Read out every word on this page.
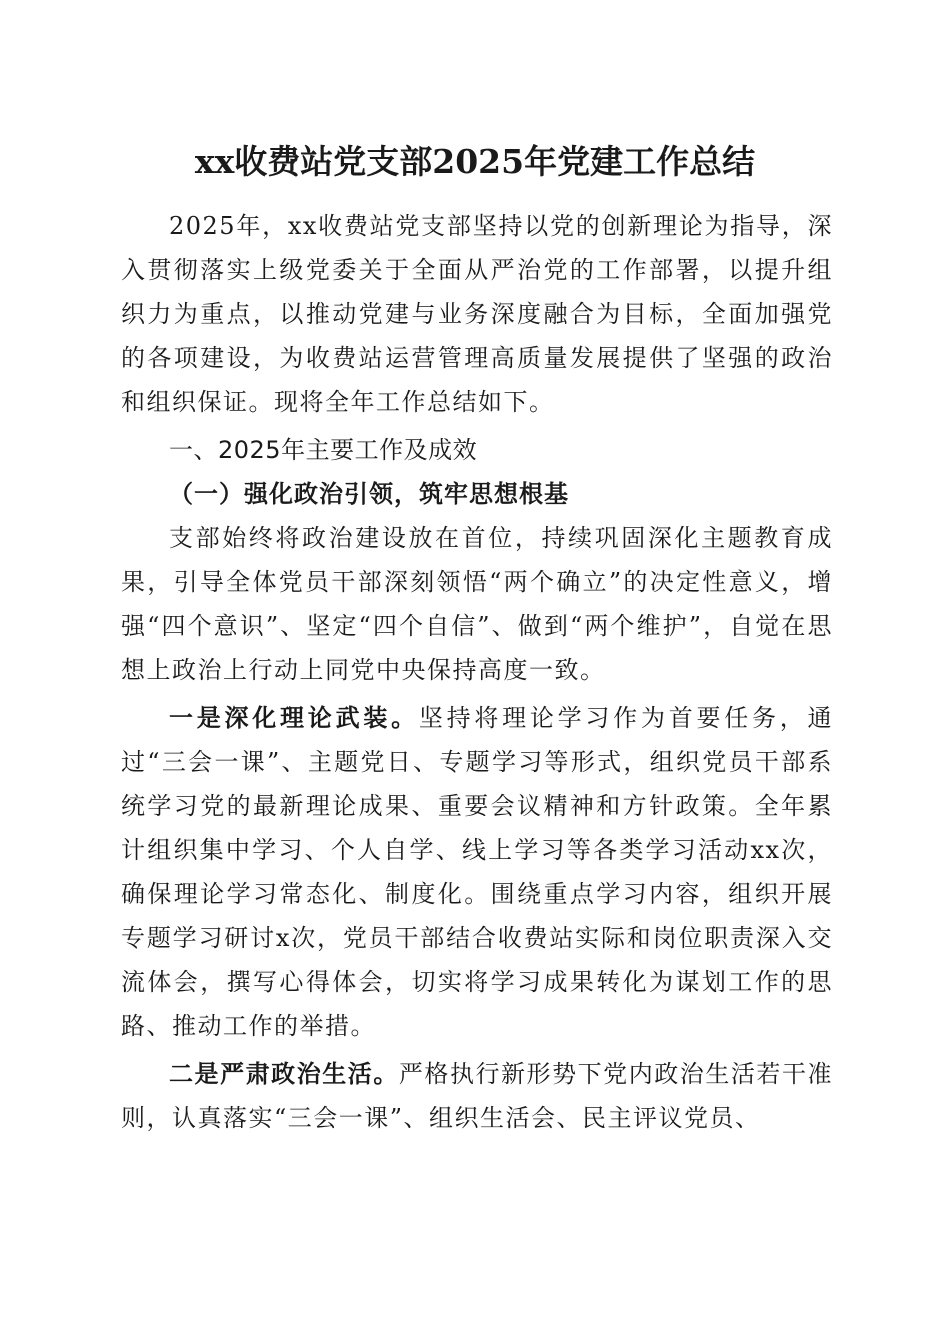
xx收费站党支部2025年党建工作总结

2025年，xx收费站党支部坚持以党的创新理论为指导，深入贯彻落实上级党委关于全面从严治党的工作部署，以提升组织力为重点，以推动党建与业务深度融合为目标，全面加强党的各项建设，为收费站运营管理高质量发展提供了坚强的政治和组织保证。现将全年工作总结如下。

一、2025年主要工作及成效

（一）强化政治引领，筑牢思想根基

支部始终将政治建设放在首位，持续巩固深化主题教育成果，引导全体党员干部深刻领悟“两个确立”的决定性意义，增强“四个意识”、坚定“四个自信”、做到“两个维护”，自觉在思想上政治上行动上同党中央保持高度一致。

一是深化理论武装。坚持将理论学习作为首要任务，通过“三会一课”、主题党日、专题学习等形式，组织党员干部系统学习党的最新理论成果、重要会议精神和方针政策。全年累计组织集中学习、个人自学、线上学习等各类学习活动xx次，确保理论学习常态化、制度化。围绕重点学习内容，组织开展专题学习研讨x次，党员干部结合收费站实际和岗位职责深入交流体会，撰写心得体会，切实将学习成果转化为谋划工作的思路、推动工作的举措。

二是严肃政治生活。严格执行新形势下党内政治生活若干准则，认真落实“三会一课”、组织生活会、民主评议党员、
